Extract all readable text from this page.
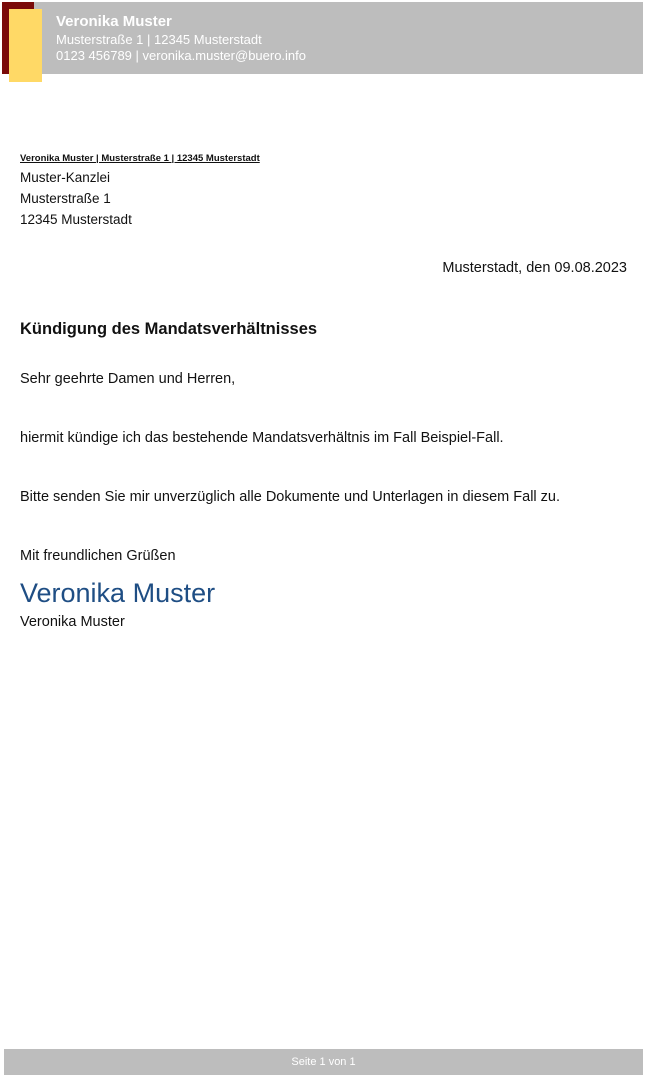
Veronika Muster
Musterstraße 1 | 12345 Musterstadt
0123 456789 | veronika.muster@buero.info
Veronika Muster | Musterstraße 1 | 12345 Musterstadt
Muster-Kanzlei
Musterstraße 1
12345 Musterstadt
Musterstadt, den 09.08.2023
Kündigung des Mandatsverhältnisses
Sehr geehrte Damen und Herren,
hiermit kündige ich das bestehende Mandatsverhältnis im Fall Beispiel-Fall.
Bitte senden Sie mir unverzüglich alle Dokumente und Unterlagen in diesem Fall zu.
Mit freundlichen Grüßen
Veronika Muster
Veronika Muster
Seite 1 von 1
